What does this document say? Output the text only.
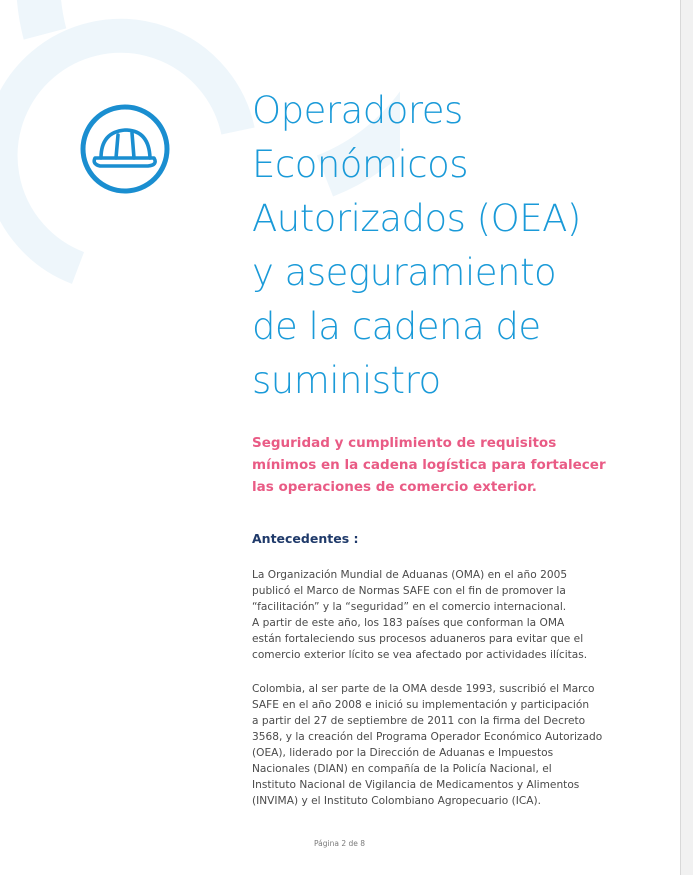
Operadores
Económicos
Autorizados (OEA)
y aseguramiento
de la cadena de
suministro

Seguridad y cumplimiento de requisitos
mínimos en la cadena logística para fortalecer
las operaciones de comercio exterior.

Antecedentes :

La Organización Mundial de Aduanas (OMA) en el año 2005
publicó el Marco de Normas SAFE con el fin de promover la
“facilitación” y la “seguridad” en el comercio internacional.
A partir de este año, los 183 países que conforman la OMA
están fortaleciendo sus procesos aduaneros para evitar que el
comercio exterior lícito se vea afectado por actividades ilícitas.

Colombia, al ser parte de la OMA desde 1993, suscribió el Marco
SAFE en el año 2008 e inició su implementación y participación
a partir del 27 de septiembre de 2011 con la firma del Decreto
3568, y la creación del Programa Operador Económico Autorizado
(OEA), liderado por la Dirección de Aduanas e Impuestos
Nacionales (DIAN) en compañía de la Policía Nacional, el
Instituto Nacional de Vigilancia de Medicamentos y Alimentos
(INVIMA) y el Instituto Colombiano Agropecuario (ICA).

Página 2 de 8
